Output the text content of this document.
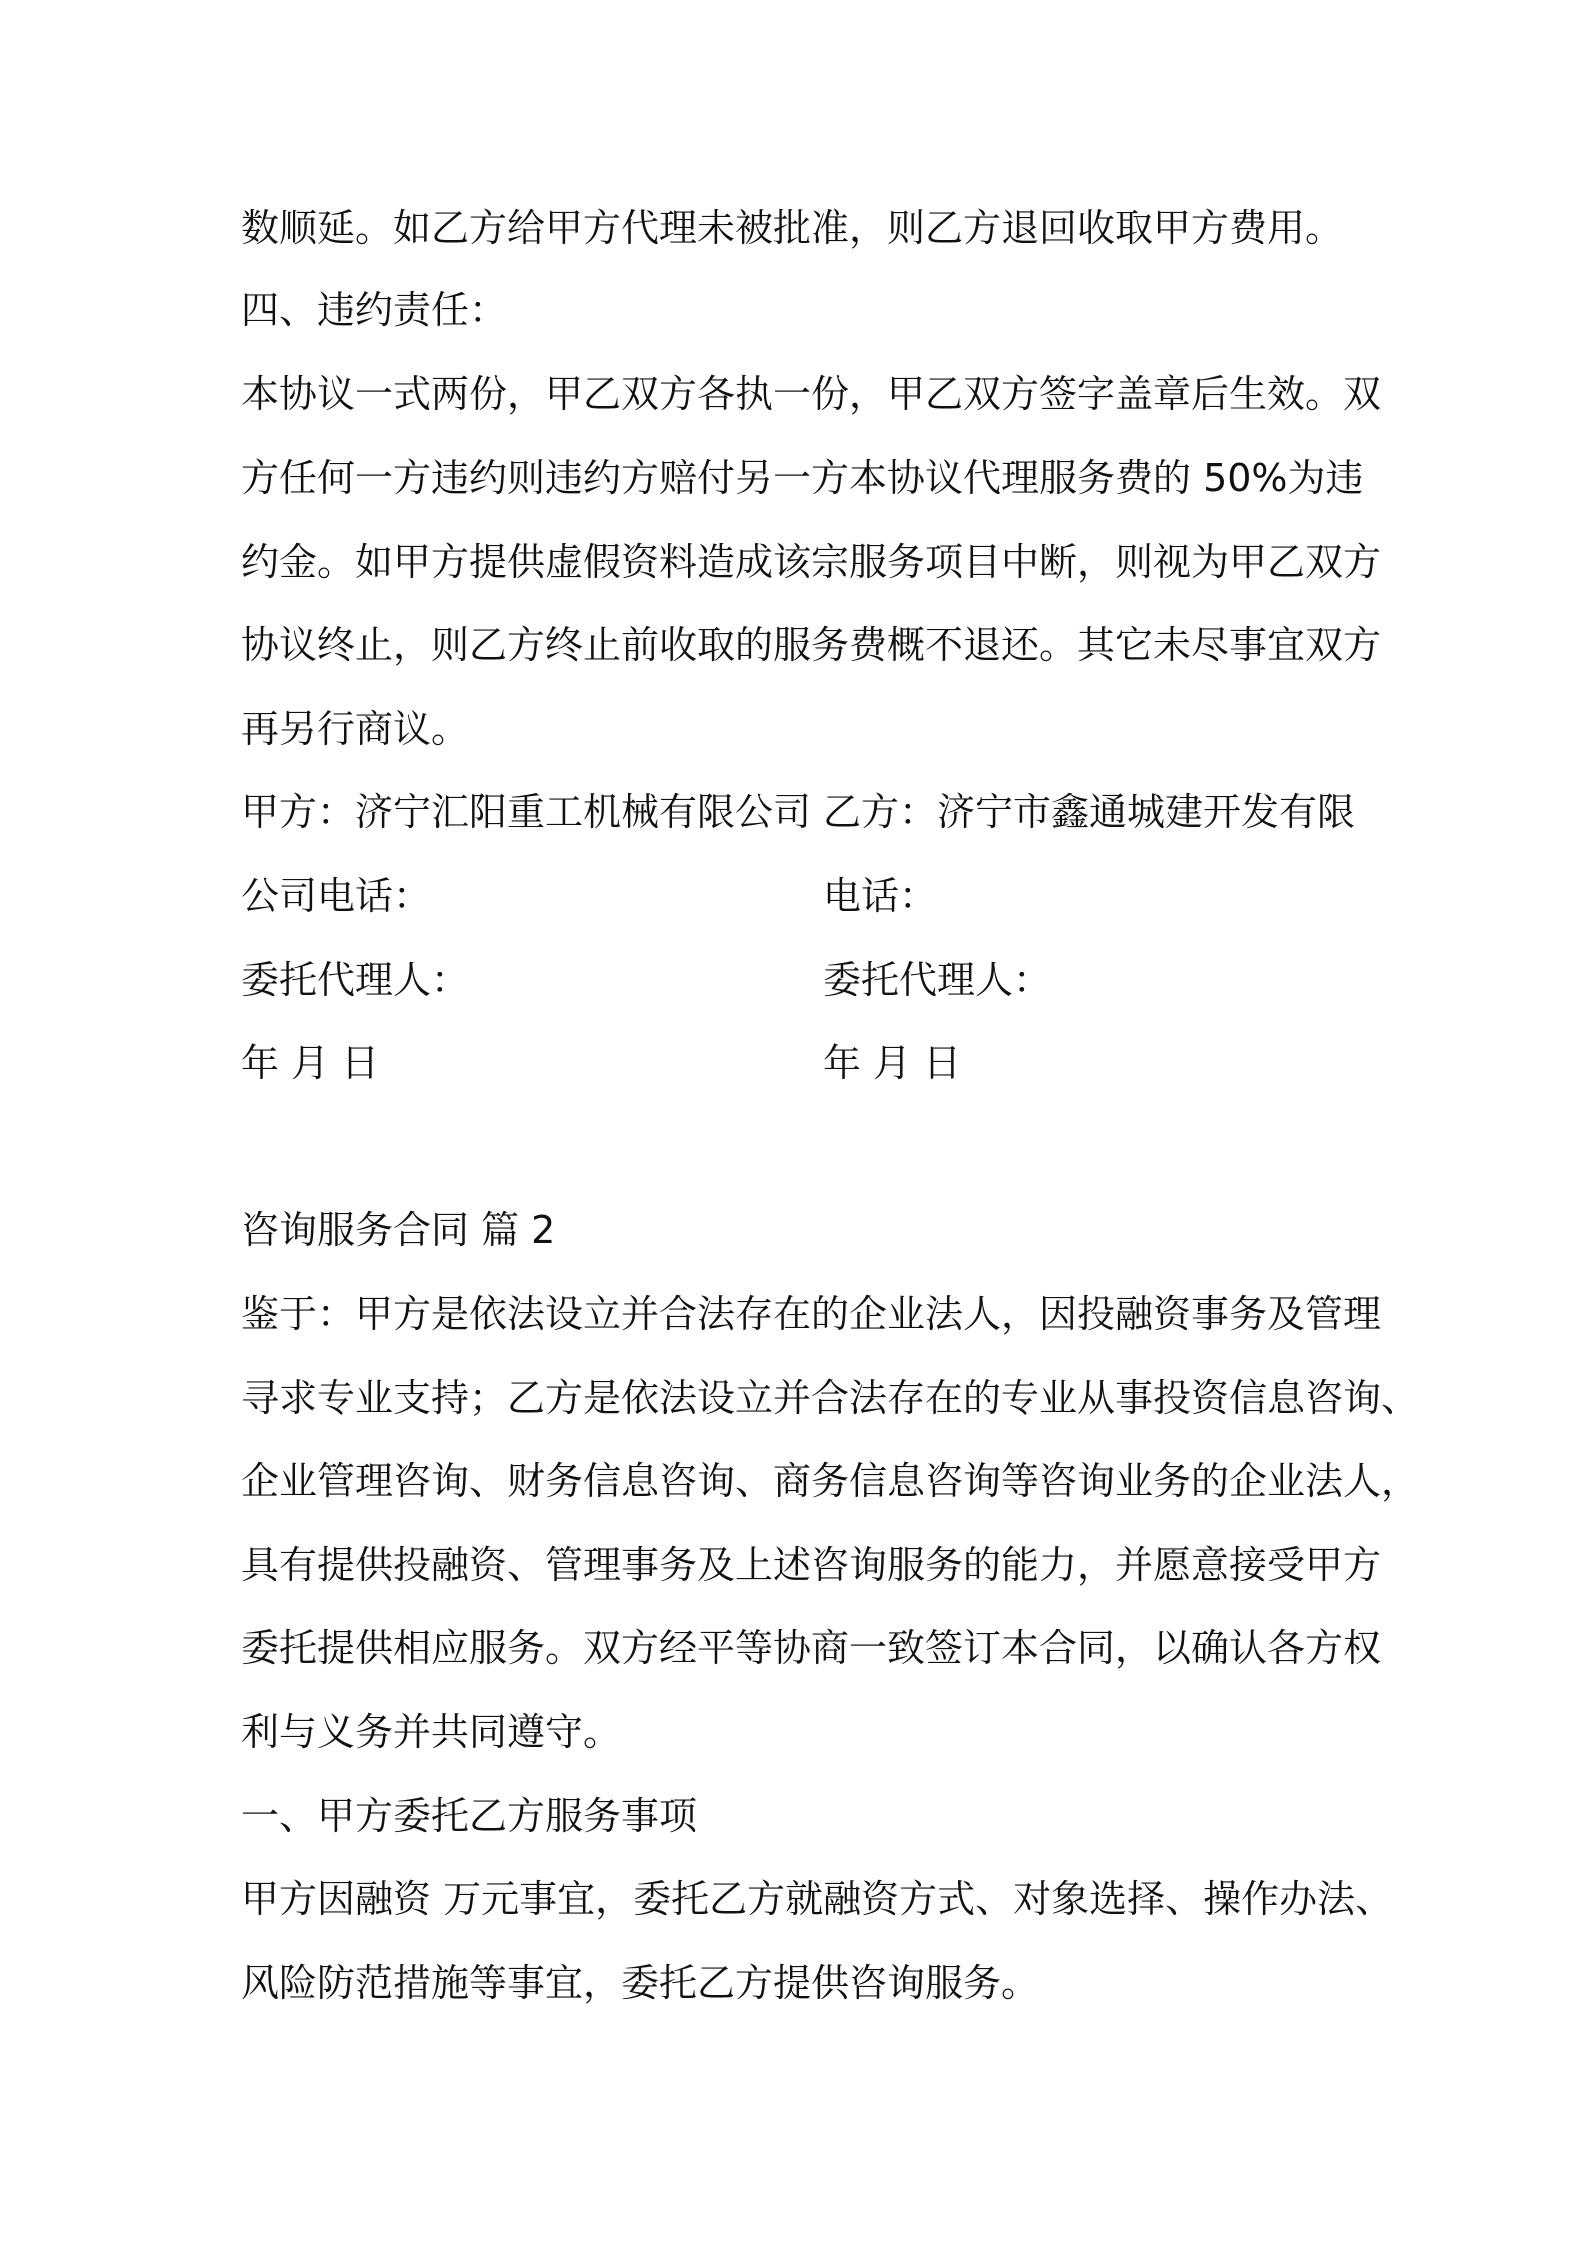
数顺延。如乙方给甲方代理未被批准，则乙方退回收取甲方费用。
四、违约责任：
本协议一式两份，甲乙双方各执一份，甲乙双方签字盖章后生效。双
方任何一方违约则违约方赔付另一方本协议代理服务费的 50%为违
约金。如甲方提供虚假资料造成该宗服务项目中断，则视为甲乙双方
协议终止，则乙方终止前收取的服务费概不退还。其它未尽事宜双方
再另行商议。
甲方：济宁汇阳重工机械有限公司 乙方：济宁市鑫通城建开发有限
公司电话：	电话：
委托代理人：	委托代理人：
年 月 日	年 月 日
咨询服务合同 篇 2
鉴于：甲方是依法设立并合法存在的企业法人，因投融资事务及管理
寻求专业支持；乙方是依法设立并合法存在的专业从事投资信息咨询、
企业管理咨询、财务信息咨询、商务信息咨询等咨询业务的企业法人，
具有提供投融资、管理事务及上述咨询服务的能力，并愿意接受甲方
委托提供相应服务。双方经平等协商一致签订本合同，以确认各方权
利与义务并共同遵守。
一、甲方委托乙方服务事项
甲方因融资 万元事宜，委托乙方就融资方式、对象选择、操作办法、
风险防范措施等事宜，委托乙方提供咨询服务。
